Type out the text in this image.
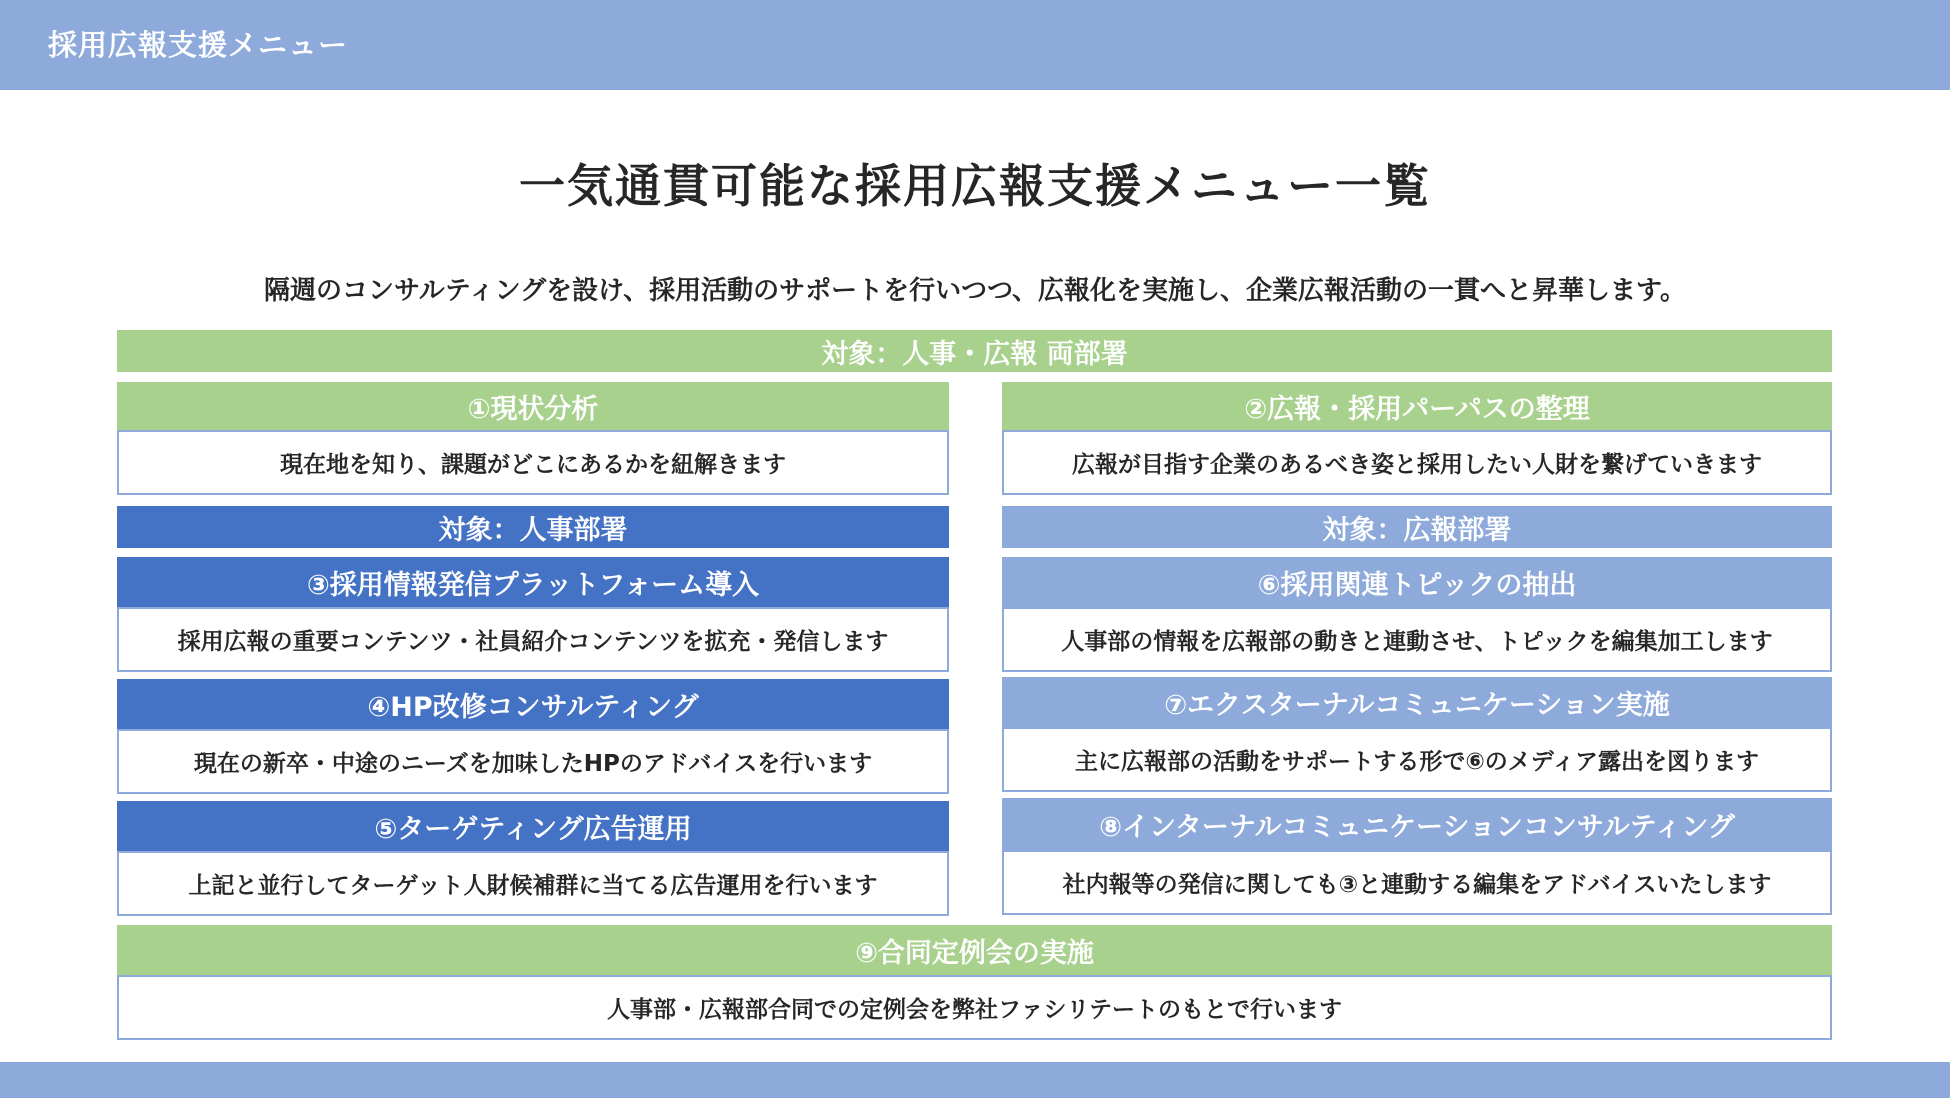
採用広報支援メニュー
一気通貫可能な採用広報支援メニュー一覧
隔週のコンサルティングを設け、採用活動のサポートを行いつつ、広報化を実施し、企業広報活動の一貫へと昇華します。
対象：人事・広報 両部署
①現状分析
現在地を知り、課題がどこにあるかを紐解きます
②広報・採用パーパスの整理
広報が目指す企業のあるべき姿と採用したい人財を繋げていきます
対象：人事部署	対象：広報部署
③採用情報発信プラットフォーム導入
採用広報の重要コンテンツ・社員紹介コンテンツを拡充・発信します
④HP改修コンサルティング
現在の新卒・中途のニーズを加味したHPのアドバイスを行います
⑤ターゲティング広告運用
上記と並行してターゲット人財候補群に当てる広告運用を行います
⑥採用関連トピックの抽出
人事部の情報を広報部の動きと連動させ、トピックを編集加工します
⑦エクスターナルコミュニケーション実施
主に広報部の活動をサポートする形で⑥のメディア露出を図ります
⑧インターナルコミュニケーションコンサルティング
社内報等の発信に関しても③と連動する編集をアドバイスいたします
⑨合同定例会の実施
人事部・広報部合同での定例会を弊社ファシリテートのもとで行います
